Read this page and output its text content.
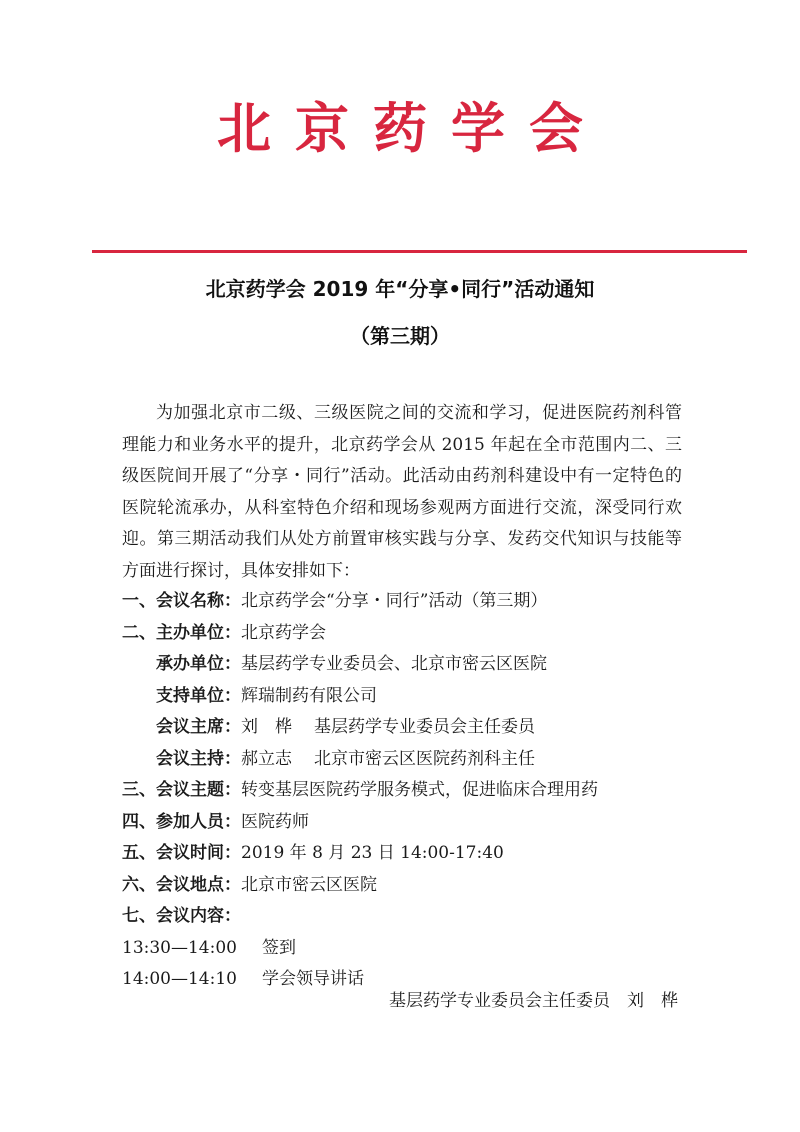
北京药学会
北京药学会 2019 年“分享•同行”活动通知
（第三期）

为加强北京市二级、三级医院之间的交流和学习，促进医院药剂科管理能力和业务水平的提升，北京药学会从 2015 年起在全市范围内二、三级医院间开展了“分享・同行”活动。此活动由药剂科建设中有一定特色的医院轮流承办，从科室特色介绍和现场参观两方面进行交流，深受同行欢迎。第三期活动我们从处方前置审核实践与分享、发药交代知识与技能等方面进行探讨，具体安排如下：

一、会议名称：北京药学会“分享・同行”活动（第三期）
二、主办单位：北京药学会
承办单位：基层药学专业委员会、北京市密云区医院
支持单位：辉瑞制药有限公司
会议主席：刘　桦 基层药学专业委员会主任委员
会议主持：郝立志 北京市密云区医院药剂科主任
三、会议主题：转变基层医院药学服务模式，促进临床合理用药
四、参加人员：医院药师
五、会议时间：2019 年 8 月 23 日 14:00-17:40
六、会议地点：北京市密云区医院
七、会议内容：
13:30—14:00 签到
14:00—14:10 学会领导讲话
基层药学专业委员会主任委员　刘　桦
